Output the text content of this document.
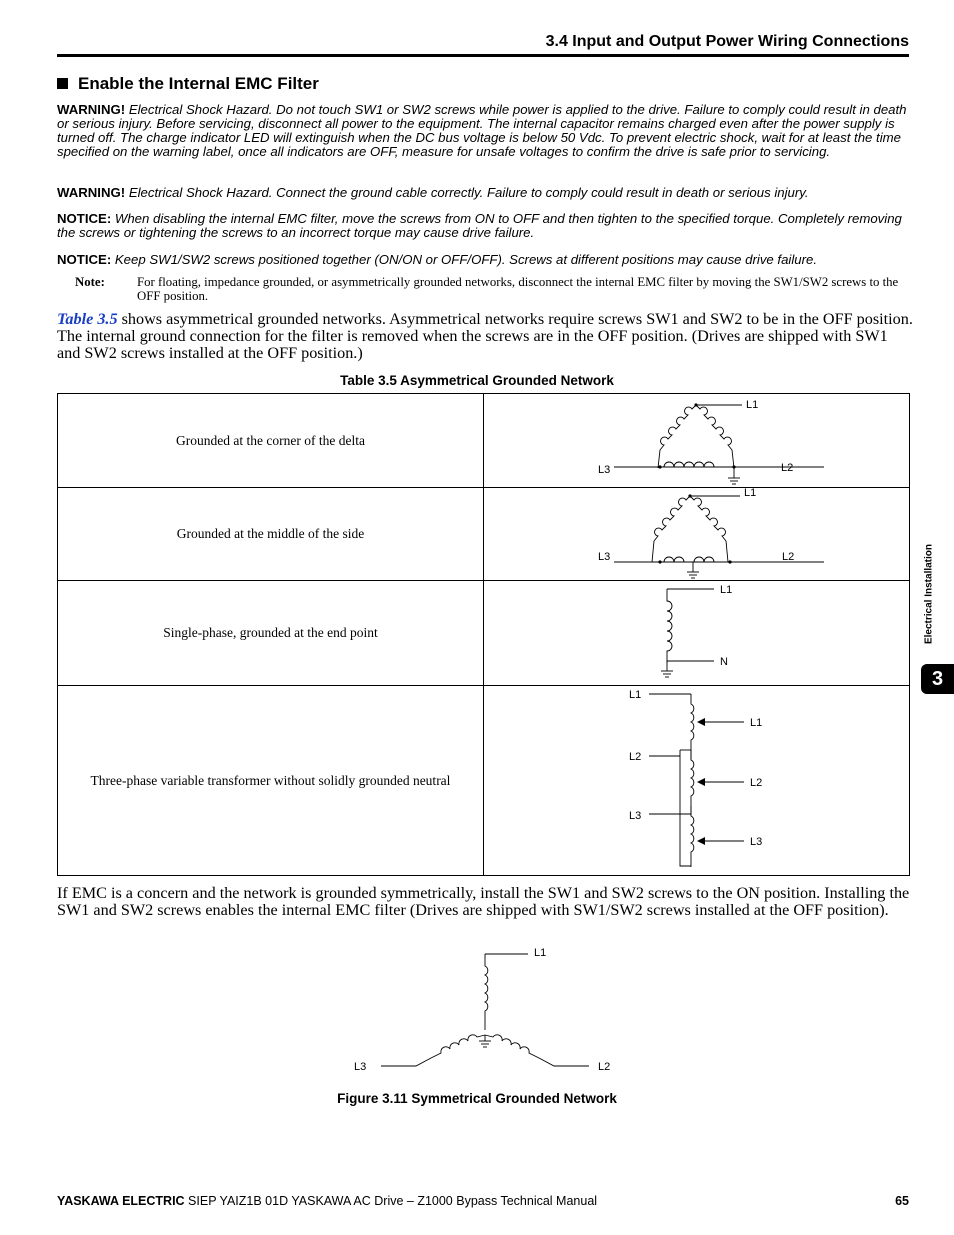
3.4 Input and Output Power Wiring Connections
Enable the Internal EMC Filter
WARNING! Electrical Shock Hazard. Do not touch SW1 or SW2 screws while power is applied to the drive. Failure to comply could result in death or serious injury. Before servicing, disconnect all power to the equipment. The internal capacitor remains charged even after the power supply is turned off. The charge indicator LED will extinguish when the DC bus voltage is below 50 Vdc. To prevent electric shock, wait for at least the time specified on the warning label, once all indicators are OFF, measure for unsafe voltages to confirm the drive is safe prior to servicing.
WARNING! Electrical Shock Hazard. Connect the ground cable correctly. Failure to comply could result in death or serious injury.
NOTICE: When disabling the internal EMC filter, move the screws from ON to OFF and then tighten to the specified torque. Completely removing the screws or tightening the screws to an incorrect torque may cause drive failure.
NOTICE: Keep SW1/SW2 screws positioned together (ON/ON or OFF/OFF). Screws at different positions may cause drive failure.
Note:	For floating, impedance grounded, or asymmetrically grounded networks, disconnect the internal EMC filter by moving the SW1/SW2 screws to the OFF position.
Table 3.5 shows asymmetrical grounded networks. Asymmetrical networks require screws SW1 and SW2 to be in the OFF position. The internal ground connection for the filter is removed when the screws are in the OFF position. (Drives are shipped with SW1 and SW2 screws installed at the OFF position.)
Table 3.5 Asymmetrical Grounded Network
Grounded at the corner of the delta
L1
L3	L2
Grounded at the middle of the side
L1
L3	L2
Single-phase, grounded at the end point
L1
N
Three-phase variable transformer without solidly grounded neutral
L1
L2
L3
L1
L2
L3
If EMC is a concern and the network is grounded symmetrically, install the SW1 and SW2 screws to the ON position. Installing the SW1 and SW2 screws enables the internal EMC filter (Drives are shipped with SW1/SW2 screws installed at the OFF position).
L1
L3	L2
Figure 3.11 Symmetrical Grounded Network
Electrical Installation
3
YASKAWA ELECTRIC SIEP YAIZ1B 01D YASKAWA AC Drive – Z1000 Bypass Technical Manual	65
